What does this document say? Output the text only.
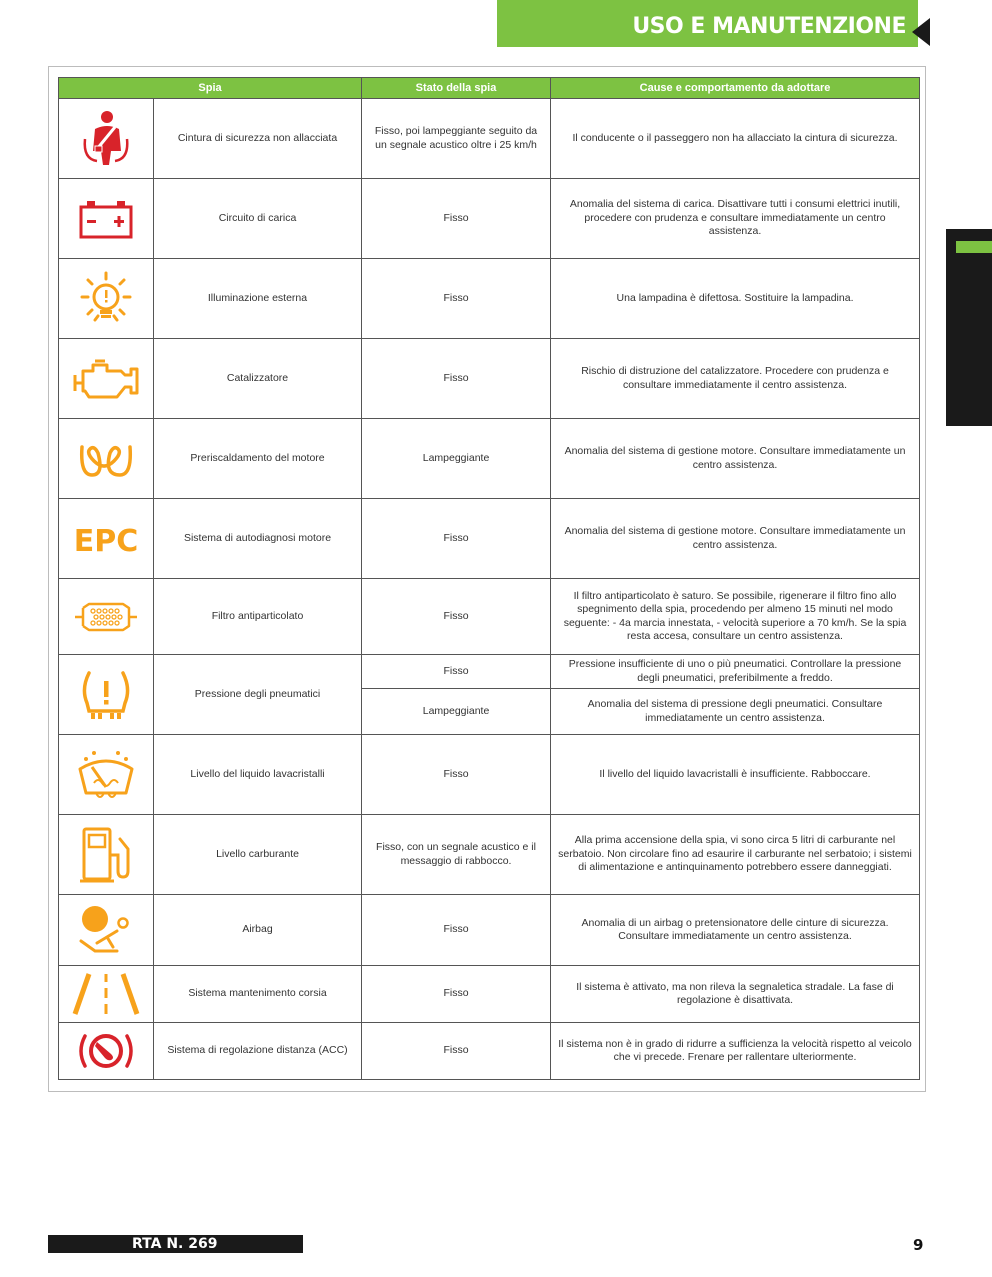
USO E MANUTENZIONE
Spia		Stato della spia	Cause e comportamento da adottare

	Cintura di sicurezza non allacciata	Fisso, poi lampeggiante seguito da un segnale acustico oltre i 25 km/h	Il conducente o il passeggero non ha allacciato la cintura di sicurezza.

	Circuito di carica	Fisso	Anomalia del sistema di carica. Disattivare tutti i consumi elettrici inutili, procedere con prudenza e consultare immediatamente un centro assistenza.

	Illuminazione esterna	Fisso	Una lampadina è difettosa. Sostituire la lampadina.

	Catalizzatore	Fisso	Rischio di distruzione del catalizzatore. Procedere con prudenza e consultare immediatamente il centro assistenza.

	Preriscaldamento del motore	Lampeggiante	Anomalia del sistema di gestione motore. Consultare immediatamente un centro assistenza.

EPC	Sistema di autodiagnosi motore	Fisso	Anomalia del sistema di gestione motore. Consultare immediatamente un centro assistenza.

	Filtro antiparticolato	Fisso	Il filtro antiparticolato è saturo. Se possibile, rigenerare il filtro fino allo spegnimento della spia, procedendo per almeno 15 minuti nel modo seguente: - 4a marcia innestata, - velocità superiore a 70 km/h. Se la spia resta accesa, consultare un centro assistenza.

	Pressione degli pneumatici	Fisso	Pressione insufficiente di uno o più pneumatici. Controllare la pressione degli pneumatici, preferibilmente a freddo.
		Lampeggiante	Anomalia del sistema di pressione degli pneumatici. Consultare immediatamente un centro assistenza.

	Livello del liquido lavacristalli	Fisso	Il livello del liquido lavacristalli è insufficiente. Rabboccare.

	Livello carburante	Fisso, con un segnale acustico e il messaggio di rabbocco.	Alla prima accensione della spia, vi sono circa 5 litri di carburante nel serbatoio. Non circolare fino ad esaurire il carburante nel serbatoio; i sistemi di alimentazione e antinquinamento potrebbero essere danneggiati.

	Airbag	Fisso	Anomalia di un airbag o pretensionatore delle cinture di sicurezza. Consultare immediatamente un centro assistenza.

	Sistema mantenimento corsia	Fisso	Il sistema è attivato, ma non rileva la segnaletica stradale. La fase di regolazione è disattivata.

	Sistema di regolazione distanza (ACC)	Fisso	Il sistema non è in grado di ridurre a sufficienza la velocità rispetto al veicolo che vi precede. Frenare per rallentare ulteriormente.
RTA N. 269	9
